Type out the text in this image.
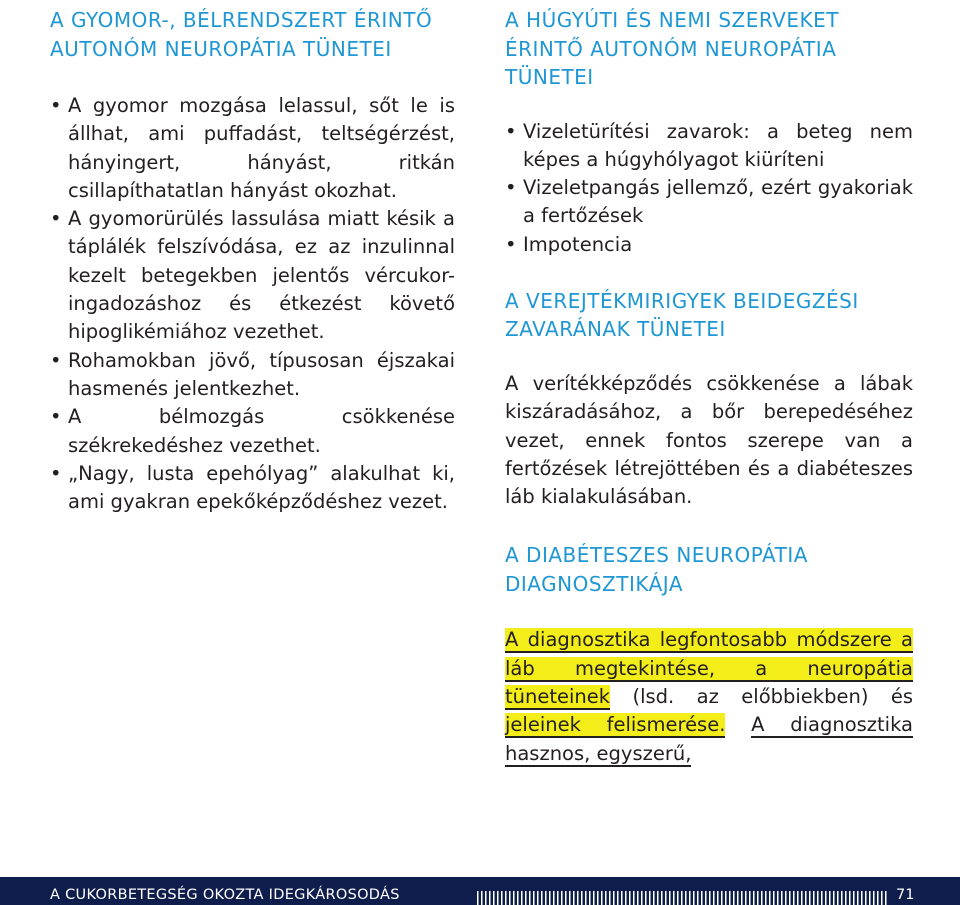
A GYOMOR-, BÉLRENDSZERT ÉRINTŐ AUTONÓM NEUROPÁTIA TÜNETEI
• A gyomor mozgása lelassul, sőt le is állhat, ami puffadást, teltségérzést, hányingert, hányást, ritkán csillapíthatatlan hányást okozhat.
• A gyomorürülés lassulása miatt késik a táplálék felszívódása, ez az inzulinnal kezelt betegekben jelentős vércukor-ingadozáshoz és étkezést követő hipoglikémiához vezethet.
• Rohamokban jövő, típusosan éjszakai hasmenés jelentkezhet.
• A bélmozgás csökkenése székrekedéshez vezethet.
• „Nagy, lusta epehólyag” alakulhat ki, ami gyakran epekőképződéshez vezet.
A HÚGYÚTI ÉS NEMI SZERVEKET ÉRINTŐ AUTONÓM NEUROPÁTIA TÜNETEI
• Vizeletürítési zavarok: a beteg nem képes a húgyhólyagot kiüríteni
• Vizeletpangás jellemző, ezért gyakoriak a fertőzések
• Impotencia
A VEREJTÉKMIRIGYEK BEIDEGZÉSI ZAVARÁNAK TÜNETEI

A verítékképződés csökkenése a lábak kiszáradásához, a bőr berepedéséhez vezet, ennek fontos szerepe van a fertőzések létrejöttében és a diabéteszes láb kialakulásában.

A DIABÉTESZES NEUROPÁTIA DIAGNOSZTIKÁJA

A diagnosztika legfontosabb módszere a láb megtekintése, a neuropátia tüneteinek (lsd. az előbbiekben) és jeleinek felismerése. A diagnosztika hasznos, egyszerű,

A CUKORBETEGSÉG OKOZTA IDEGKÁROSODÁS	71
